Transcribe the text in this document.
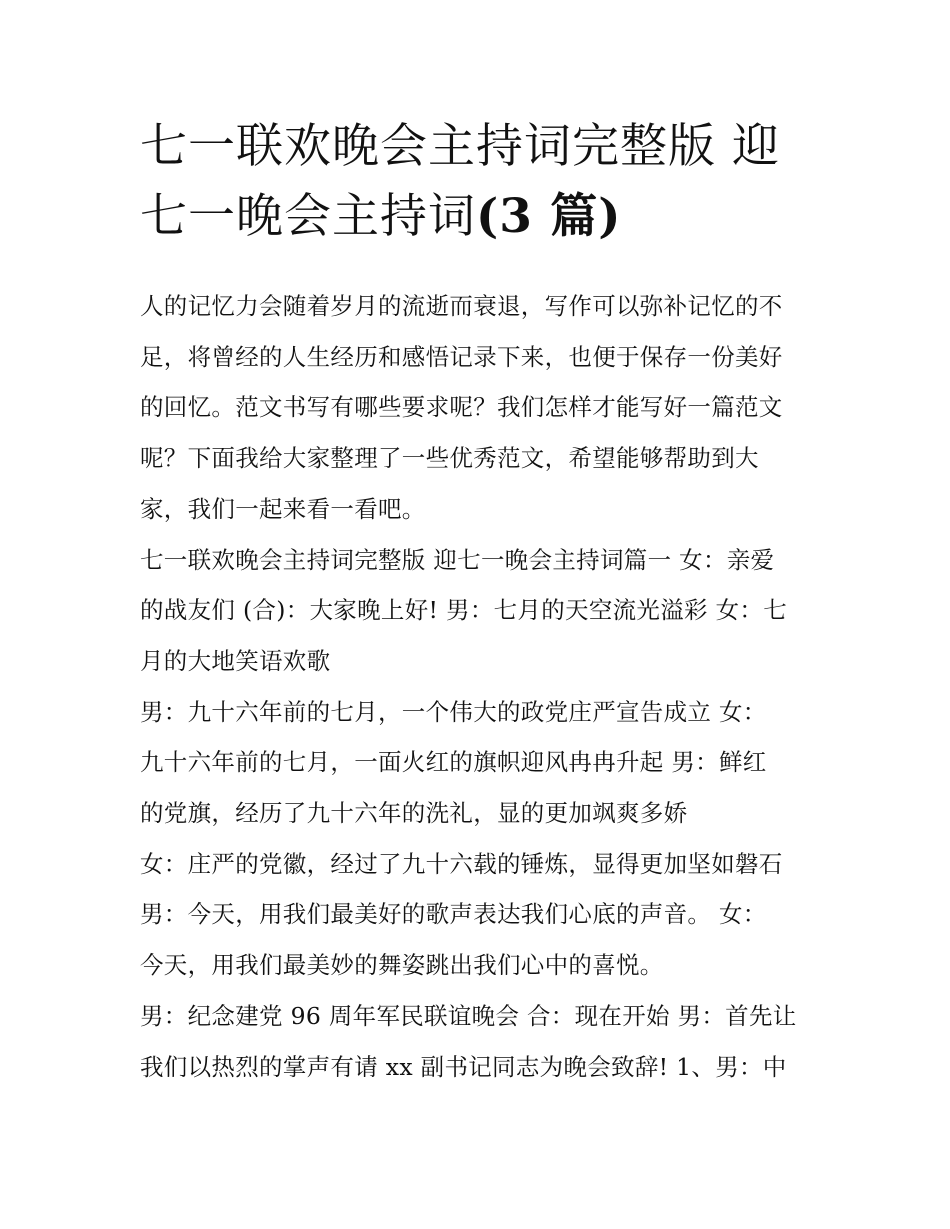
七一联欢晚会主持词完整版 迎
七一晚会主持词(3 篇)

人的记忆力会随着岁月的流逝而衰退，写作可以弥补记忆的不
足，将曾经的人生经历和感悟记录下来，也便于保存一份美好
的回忆。范文书写有哪些要求呢？我们怎样才能写好一篇范文
呢？下面我给大家整理了一些优秀范文，希望能够帮助到大
家，我们一起来看一看吧。

七一联欢晚会主持词完整版 迎七一晚会主持词篇一 女：亲爱
的战友们 (合)：大家晚上好! 男：七月的天空流光溢彩 女：七
月的大地笑语欢歌

男：九十六年前的七月，一个伟大的政党庄严宣告成立 女：
九十六年前的七月，一面火红的旗帜迎风冉冉升起 男：鲜红
的党旗，经历了九十六年的洗礼，显的更加飒爽多娇

女：庄严的党徽，经过了九十六载的锤炼，显得更加坚如磐石
男：今天，用我们最美好的歌声表达我们心底的声音。 女：
今天，用我们最美妙的舞姿跳出我们心中的喜悦。

男：纪念建党 96 周年军民联谊晚会 合：现在开始 男：首先让
我们以热烈的掌声有请 xx 副书记同志为晚会致辞! 1、男：中
